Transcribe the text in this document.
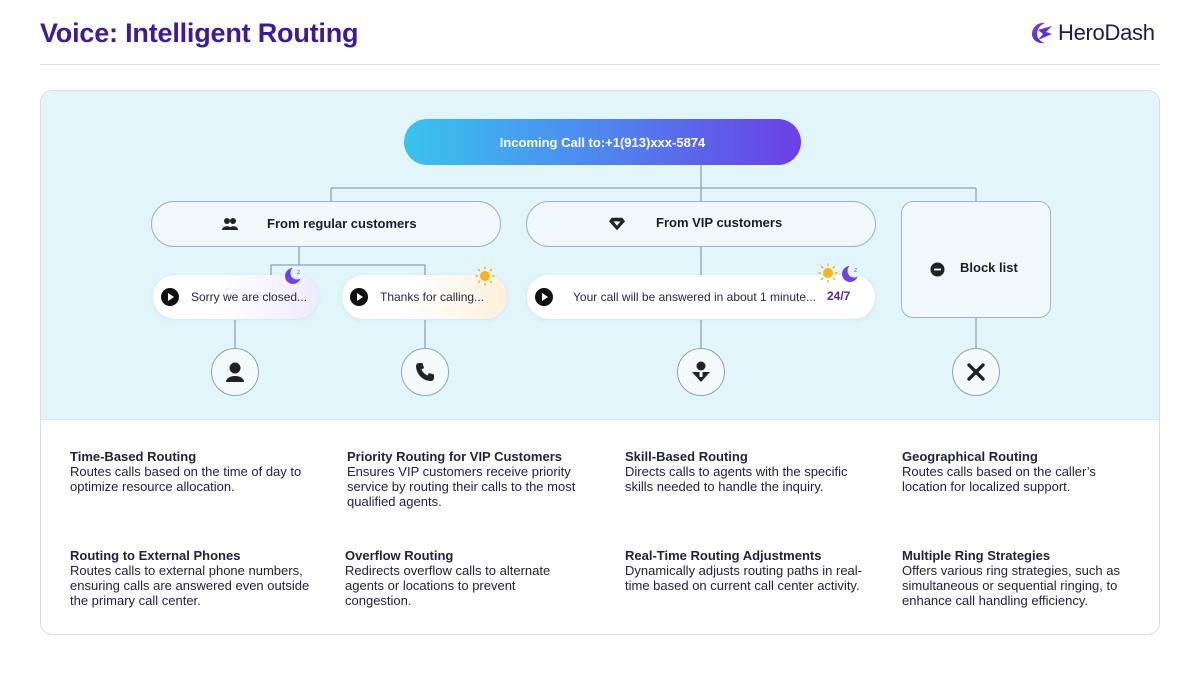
Voice: Intelligent Routing	HeroDash
Incoming Call to:+1(913)xxx-5874
From regular customers	From VIP customers
Block list
Sorry we are closed...
z
Thanks for calling...	Your call will be answered in about 1 minute... 24/7
z
Time-Based Routing
Routes calls based on the time of day to optimize resource allocation.
Priority Routing for VIP Customers
Ensures VIP customers receive priority service by routing their calls to the most qualified agents.
Skill-Based Routing
Directs calls to agents with the specific skills needed to handle the inquiry.
Geographical Routing
Routes calls based on the caller’s location for localized support.
Routing to External Phones
Routes calls to external phone numbers, ensuring calls are answered even outside the primary call center.
Overflow Routing
Redirects overflow calls to alternate agents or locations to prevent congestion.
Real-Time Routing Adjustments
Dynamically adjusts routing paths in real-time based on current call center activity.
Multiple Ring Strategies
Offers various ring strategies, such as simultaneous or sequential ringing, to enhance call handling efficiency.
